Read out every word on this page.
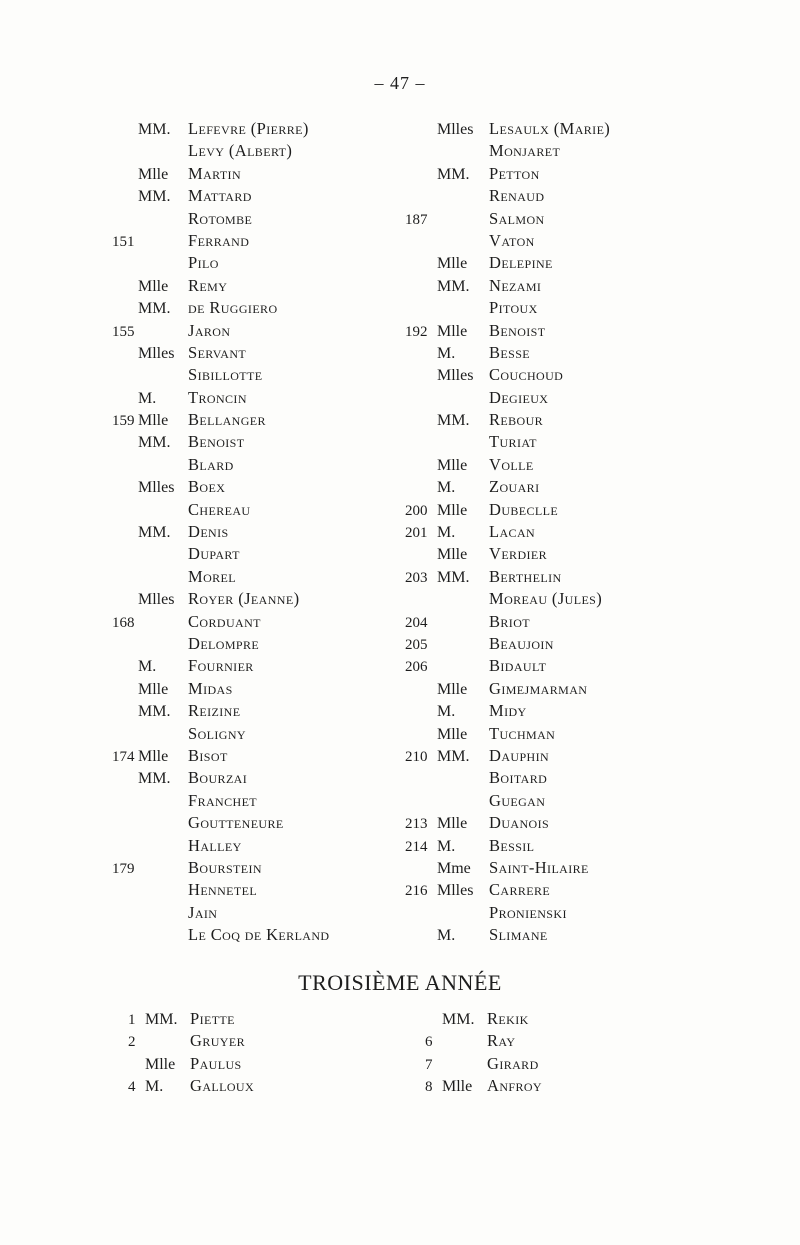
– 47 –
MM.	Lefevre (Pierre)
Levy (Albert)
Mlle	Martin
MM.	Mattard
Rotombe
151	Ferrand
Pilo
Mlle	Remy
MM.	de Ruggiero
155	Jaron
Mlles Servant
Sibillotte
M.	Troncin
159 Mlle	Bellanger
MM.	Benoist
Blard
Mlles Boex
Chereau
MM.	Denis
Dupart
Morel
Mlles Royer (Jeanne)
168	Corduant
Delompre
M.	Fournier
Mlle	Midas
MM.	Reizine
Soligny
174 Mlle	Bisot
MM.	Bourzai
Franchet
Goutteneure
Halley
179	Bourstein
Hennetel
Jain
Le Coq de Kerland
Mlles Lesaulx (Marie)
Monjaret
MM.	Petton
Renaud
187	Salmon
Vaton
Mlle	Delepine
MM.	Nezami
Pitoux
192 Mlle	Benoist
M.	Besse
Mlles Couchoud
Degieux
MM.	Rebour
Turiat
Mlle	Volle
M.	Zouari
200 Mlle	Dubeclle
201 M.	Lacan
Mlle	Verdier
203 MM.	Berthelin
Moreau (Jules)
204	Briot
205	Beaujoin
206	Bidault
Mlle	Gimejmarman
M.	Midy
Mlle	Tuchman
210 MM.	Dauphin
Boitard
Guegan
213 Mlle	Duanois
214 M.	Bessil
Mme	Saint-Hilaire
216 Mlles Carrere
Pronienski
M.	Slimane
TROISIÈME ANNÉE
1 MM. Piette
2	Gruyer
Mlle Paulus
4 M.	Galloux
MM. Rekik
6	Ray
7	Girard
8 Mlle Anfroy
